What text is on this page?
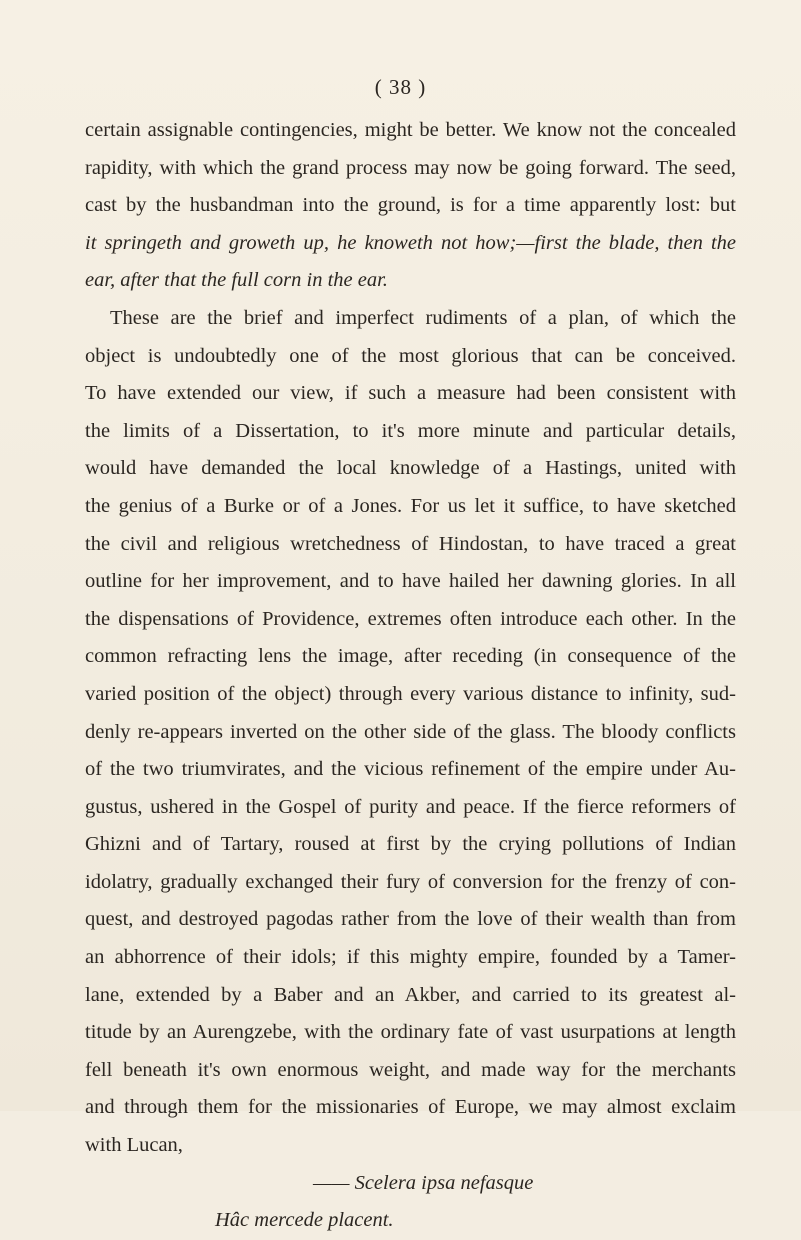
( 38 )
certain assignable contingencies, might be better. We know not the concealed
rapidity, with which the grand process may now be going forward. The seed,
cast by the husbandman into the ground, is for a time apparently lost: but
it springeth and groweth up, he knoweth not how;—first the blade, then the
ear, after that the full corn in the ear.
These are the brief and imperfect rudiments of a plan, of which the
object is undoubtedly one of the most glorious that can be conceived.
To have extended our view, if such a measure had been consistent with
the limits of a Dissertation, to it's more minute and particular details,
would have demanded the local knowledge of a Hastings, united with
the genius of a Burke or of a Jones. For us let it suffice, to have sketched
the civil and religious wretchedness of Hindostan, to have traced a great
outline for her improvement, and to have hailed her dawning glories. In all
the dispensations of Providence, extremes often introduce each other. In the
common refracting lens the image, after receding (in consequence of the
varied position of the object) through every various distance to infinity, sud-
denly re-appears inverted on the other side of the glass. The bloody conflicts
of the two triumvirates, and the vicious refinement of the empire under Au-
gustus, ushered in the Gospel of purity and peace. If the fierce reformers of
Ghizni and of Tartary, roused at first by the crying pollutions of Indian
idolatry, gradually exchanged their fury of conversion for the frenzy of con-
quest, and destroyed pagodas rather from the love of their wealth than from
an abhorrence of their idols; if this mighty empire, founded by a Tamer-
lane, extended by a Baber and an Akber, and carried to its greatest al-
titude by an Aurengzebe, with the ordinary fate of vast usurpations at length
fell beneath it's own enormous weight, and made way for the merchants
and through them for the missionaries of Europe, we may almost exclaim
with Lucan,
—— Scelera ipsa nefasque
Hâc mercede placent.
